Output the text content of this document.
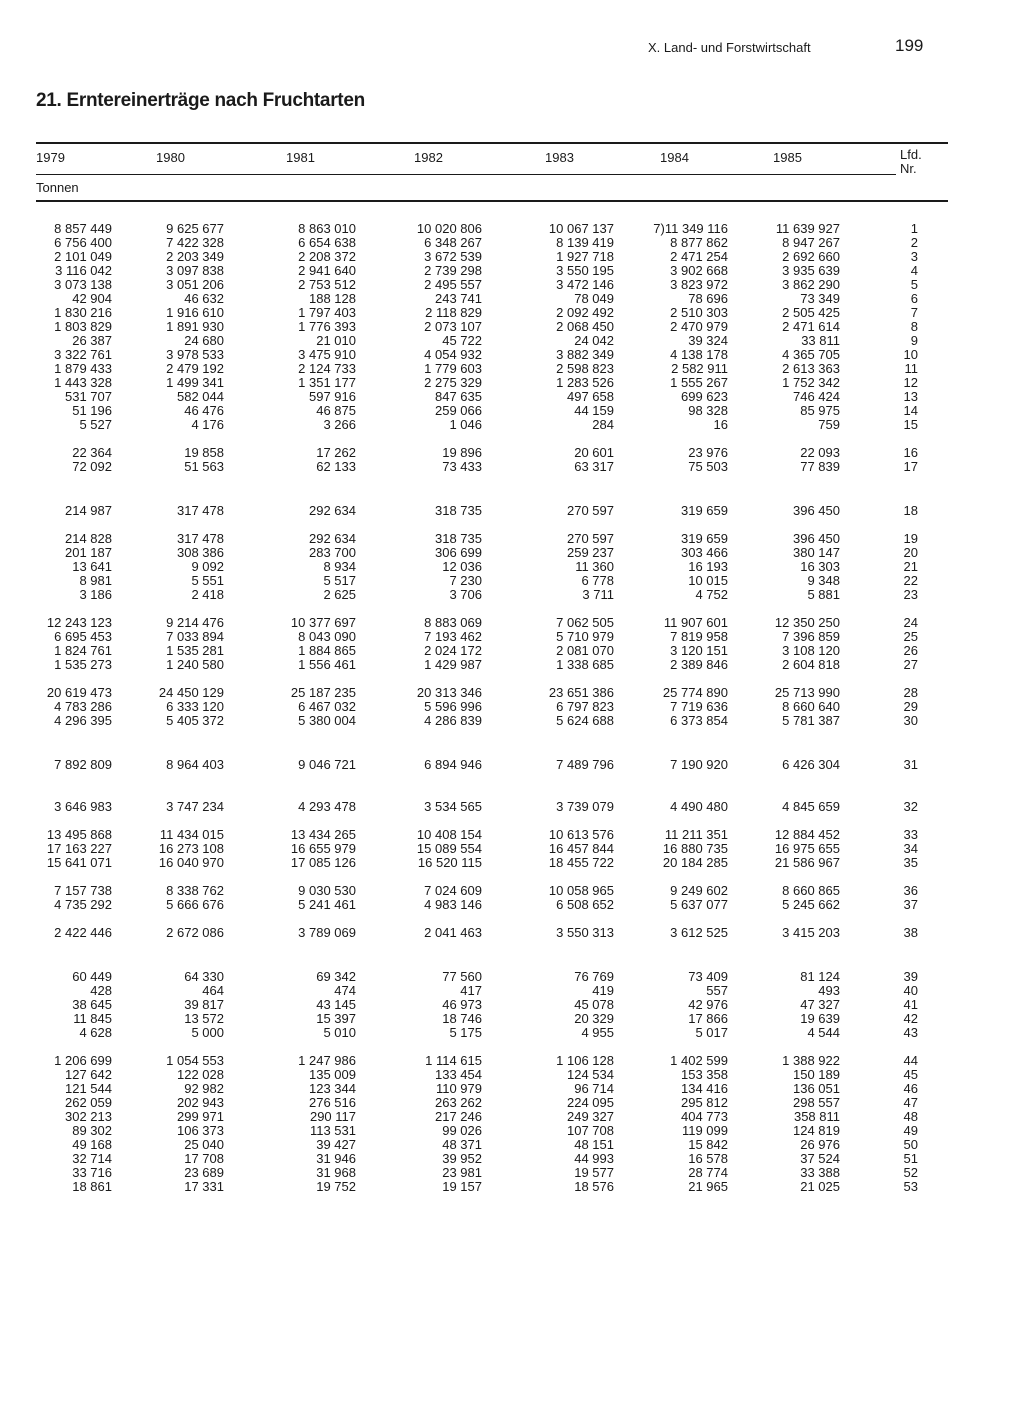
X. Land- und Forstwirtschaft	199
21. Erntereinerträge nach Fruchtarten
1979	1980	1981	1982	1983	1984	1985	Lfd.
Nr.
Tonnen
8 857 449	9 625 677	8 863 010	10 020 806	10 067 137	7)11 349 116	11 639 927	1
6 756 400	7 422 328	6 654 638	6 348 267	8 139 419	8 877 862	8 947 267	2
2 101 049	2 203 349	2 208 372	3 672 539	1 927 718	2 471 254	2 692 660	3
3 116 042	3 097 838	2 941 640	2 739 298	3 550 195	3 902 668	3 935 639	4
3 073 138	3 051 206	2 753 512	2 495 557	3 472 146	3 823 972	3 862 290	5
42 904	46 632	188 128	243 741	78 049	78 696	73 349	6
1 830 216	1 916 610	1 797 403	2 118 829	2 092 492	2 510 303	2 505 425	7
1 803 829	1 891 930	1 776 393	2 073 107	2 068 450	2 470 979	2 471 614	8
26 387	24 680	21 010	45 722	24 042	39 324	33 811	9
3 322 761	3 978 533	3 475 910	4 054 932	3 882 349	4 138 178	4 365 705	10
1 879 433	2 479 192	2 124 733	1 779 603	2 598 823	2 582 911	2 613 363	11
1 443 328	1 499 341	1 351 177	2 275 329	1 283 526	1 555 267	1 752 342	12
531 707	582 044	597 916	847 635	497 658	699 623	746 424	13
51 196	46 476	46 875	259 066	44 159	98 328	85 975	14
5 527	4 176	3 266	1 046	284	16	759	15
22 364	19 858	17 262	19 896	20 601	23 976	22 093	16
72 092	51 563	62 133	73 433	63 317	75 503	77 839	17
214 987	317 478	292 634	318 735	270 597	319 659	396 450	18
214 828	317 478	292 634	318 735	270 597	319 659	396 450	19
201 187	308 386	283 700	306 699	259 237	303 466	380 147	20
13 641	9 092	8 934	12 036	11 360	16 193	16 303	21
8 981	5 551	5 517	7 230	6 778	10 015	9 348	22
3 186	2 418	2 625	3 706	3 711	4 752	5 881	23
12 243 123	9 214 476	10 377 697	8 883 069	7 062 505	11 907 601	12 350 250	24
6 695 453	7 033 894	8 043 090	7 193 462	5 710 979	7 819 958	7 396 859	25
1 824 761	1 535 281	1 884 865	2 024 172	2 081 070	3 120 151	3 108 120	26
1 535 273	1 240 580	1 556 461	1 429 987	1 338 685	2 389 846	2 604 818	27
20 619 473	24 450 129	25 187 235	20 313 346	23 651 386	25 774 890	25 713 990	28
4 783 286	6 333 120	6 467 032	5 596 996	6 797 823	7 719 636	8 660 640	29
4 296 395	5 405 372	5 380 004	4 286 839	5 624 688	6 373 854	5 781 387	30
7 892 809	8 964 403	9 046 721	6 894 946	7 489 796	7 190 920	6 426 304	31
3 646 983	3 747 234	4 293 478	3 534 565	3 739 079	4 490 480	4 845 659	32
13 495 868	11 434 015	13 434 265	10 408 154	10 613 576	11 211 351	12 884 452	33
17 163 227	16 273 108	16 655 979	15 089 554	16 457 844	16 880 735	16 975 655	34
15 641 071	16 040 970	17 085 126	16 520 115	18 455 722	20 184 285	21 586 967	35
7 157 738	8 338 762	9 030 530	7 024 609	10 058 965	9 249 602	8 660 865	36
4 735 292	5 666 676	5 241 461	4 983 146	6 508 652	5 637 077	5 245 662	37
2 422 446	2 672 086	3 789 069	2 041 463	3 550 313	3 612 525	3 415 203	38
60 449	64 330	69 342	77 560	76 769	73 409	81 124	39
428	464	474	417	419	557	493	40
38 645	39 817	43 145	46 973	45 078	42 976	47 327	41
11 845	13 572	15 397	18 746	20 329	17 866	19 639	42
4 628	5 000	5 010	5 175	4 955	5 017	4 544	43
1 206 699	1 054 553	1 247 986	1 114 615	1 106 128	1 402 599	1 388 922	44
127 642	122 028	135 009	133 454	124 534	153 358	150 189	45
121 544	92 982	123 344	110 979	96 714	134 416	136 051	46
262 059	202 943	276 516	263 262	224 095	295 812	298 557	47
302 213	299 971	290 117	217 246	249 327	404 773	358 811	48
89 302	106 373	113 531	99 026	107 708	119 099	124 819	49
49 168	25 040	39 427	48 371	48 151	15 842	26 976	50
32 714	17 708	31 946	39 952	44 993	16 578	37 524	51
33 716	23 689	31 968	23 981	19 577	28 774	33 388	52
18 861	17 331	19 752	19 157	18 576	21 965	21 025	53
